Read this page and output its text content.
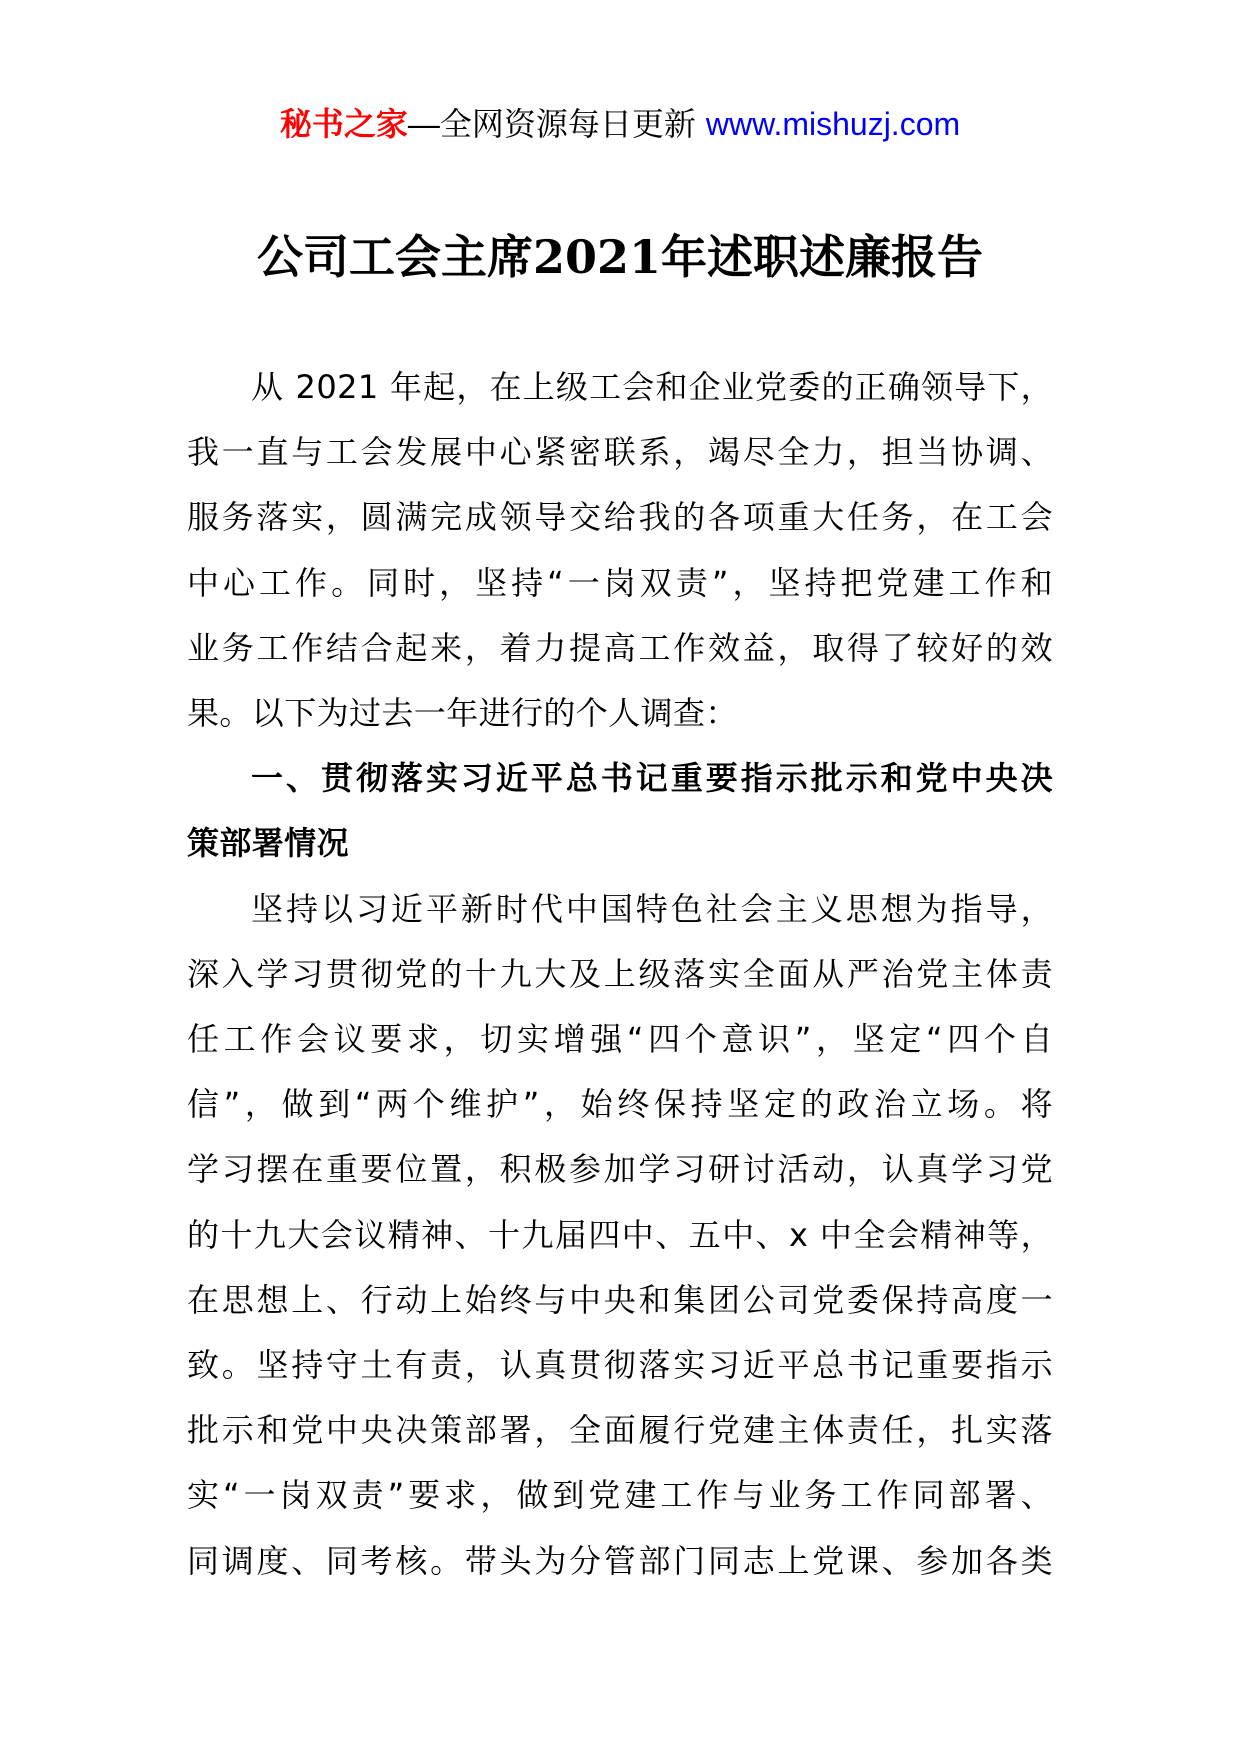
秘书之家—全网资源每日更新 www.mishuzj.com
公司工会主席2021年述职述廉报告

从 2021 年起，在上级工会和企业党委的正确领导下，
我一直与工会发展中心紧密联系，竭尽全力，担当协调、
服务落实，圆满完成领导交给我的各项重大任务，在工会
中心工作。同时，坚持“一岗双责”，坚持把党建工作和
业务工作结合起来，着力提高工作效益，取得了较好的效
果。以下为过去一年进行的个人调查：

一、贯彻落实习近平总书记重要指示批示和党中央决
策部署情况

坚持以习近平新时代中国特色社会主义思想为指导，
深入学习贯彻党的十九大及上级落实全面从严治党主体责
任工作会议要求，切实增强“四个意识”，坚定“四个自
信”，做到“两个维护”，始终保持坚定的政治立场。将
学习摆在重要位置，积极参加学习研讨活动，认真学习党
的十九大会议精神、十九届四中、五中、x 中全会精神等，
在思想上、行动上始终与中央和集团公司党委保持高度一
致。坚持守土有责，认真贯彻落实习近平总书记重要指示
批示和党中央决策部署，全面履行党建主体责任，扎实落
实“一岗双责”要求，做到党建工作与业务工作同部署、
同调度、同考核。带头为分管部门同志上党课、参加各类
